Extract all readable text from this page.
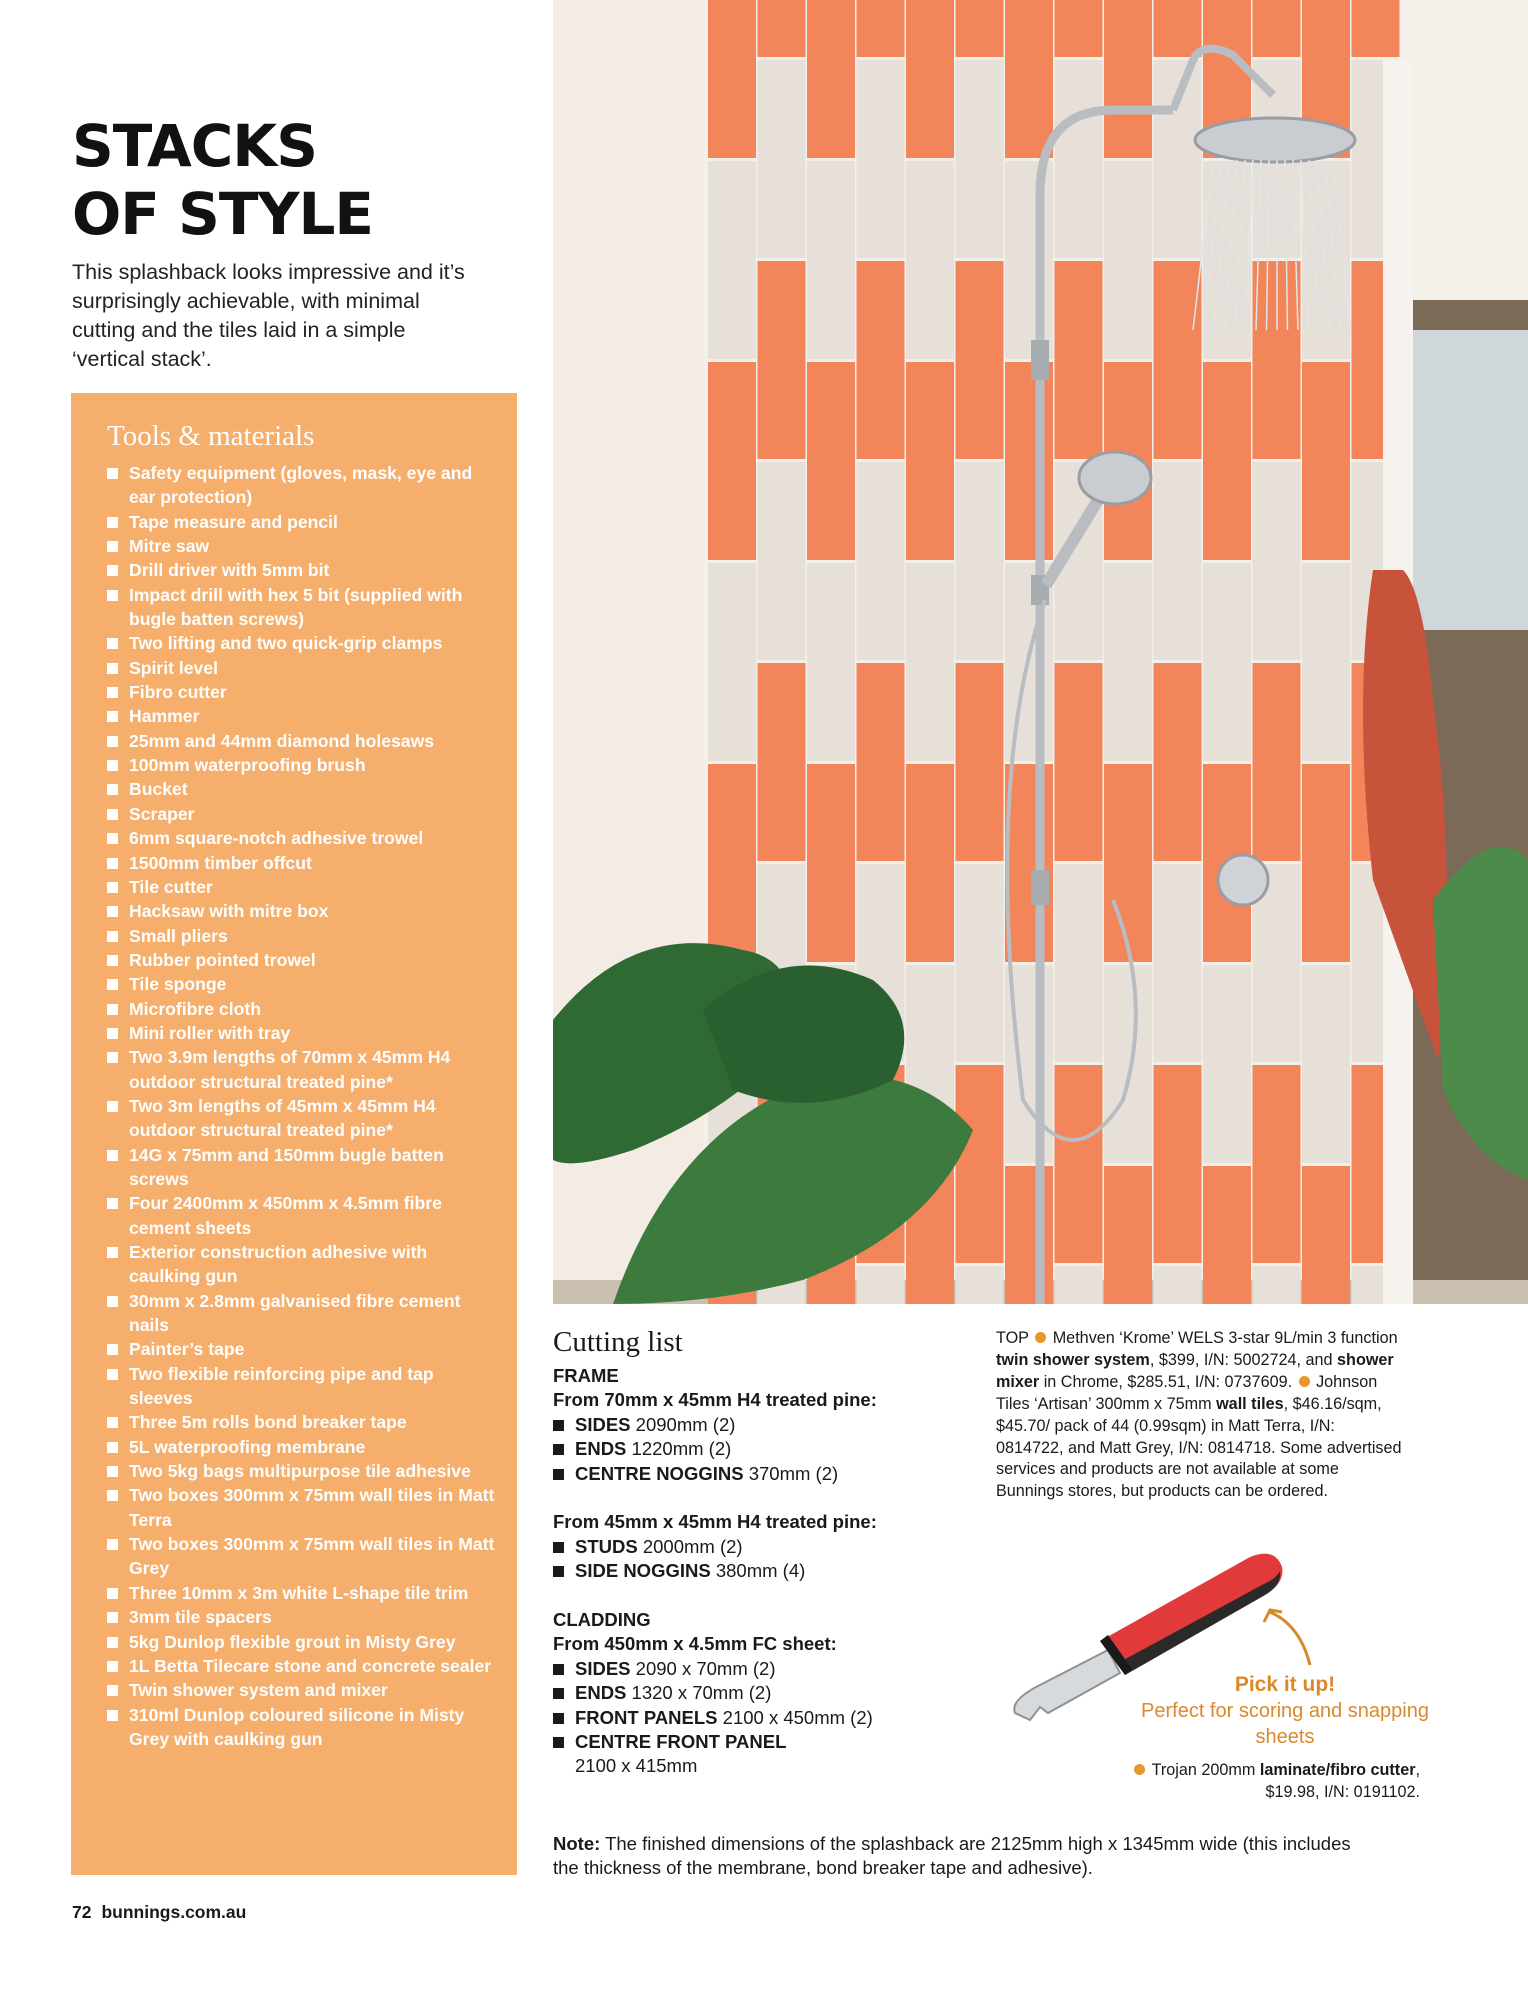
STACKS
OF STYLE

This splashback looks impressive and it’s surprisingly achievable, with minimal cutting and the tiles laid in a simple ‘vertical stack’.

Tools & materials
Safety equipment (gloves, mask, eye and ear protection)
Tape measure and pencil
Mitre saw
Drill driver with 5mm bit
Impact drill with hex 5 bit (supplied with bugle batten screws)
Two lifting and two quick-grip clamps
Spirit level
Fibro cutter
Hammer
25mm and 44mm diamond holesaws
100mm waterproofing brush
Bucket
Scraper
6mm square-notch adhesive trowel
1500mm timber offcut
Tile cutter
Hacksaw with mitre box
Small pliers
Rubber pointed trowel
Tile sponge
Microfibre cloth
Mini roller with tray
Two 3.9m lengths of 70mm x 45mm H4 outdoor structural treated pine*
Two 3m lengths of 45mm x 45mm H4 outdoor structural treated pine*
14G x 75mm and 150mm bugle batten screws
Four 2400mm x 450mm x 4.5mm fibre cement sheets
Exterior construction adhesive with caulking gun
30mm x 2.8mm galvanised fibre cement nails
Painter’s tape
Two flexible reinforcing pipe and tap sleeves
Three 5m rolls bond breaker tape
5L waterproofing membrane
Two 5kg bags multipurpose tile adhesive
Two boxes 300mm x 75mm wall tiles in Matt Terra
Two boxes 300mm x 75mm wall tiles in Matt Grey
Three 10mm x 3m white L-shape tile trim
3mm tile spacers
5kg Dunlop flexible grout in Misty Grey
1L Betta Tilecare stone and concrete sealer
Twin shower system and mixer
310ml Dunlop coloured silicone in Misty Grey with caulking gun
Cutting list
FRAME
From 70mm x 45mm H4 treated pine:
SIDES 2090mm (2)
ENDS 1220mm (2)
CENTRE NOGGINS 370mm (2)
From 45mm x 45mm H4 treated pine:
STUDS 2000mm (2)
SIDE NOGGINS 380mm (4)
CLADDING
From 450mm x 4.5mm FC sheet:
SIDES 2090 x 70mm (2)
ENDS 1320 x 70mm (2)
FRONT PANELS 2100 x 450mm (2)
CENTRE FRONT PANEL
2100 x 415mm
TOP  Methven ‘Krome’ WELS 3-star 9L/min 3 function twin shower system, $399, I/N: 5002724, and shower mixer in Chrome, $285.51, I/N: 0737609.  Johnson Tiles ‘Artisan’ 300mm x 75mm wall tiles, $46.16/sqm, $45.70/ pack of 44 (0.99sqm) in Matt Terra, I/N: 0814722, and Matt Grey, I/N: 0814718. Some advertised services and products are not available at some Bunnings stores, but products can be ordered.
Pick it up!
Perfect for scoring and snapping sheets
Trojan 200mm laminate/fibro cutter, $19.98, I/N: 0191102.
Note: The finished dimensions of the splashback are 2125mm high x 1345mm wide (this includes the thickness of the membrane, bond breaker tape and adhesive).
72 bunnings.com.au
